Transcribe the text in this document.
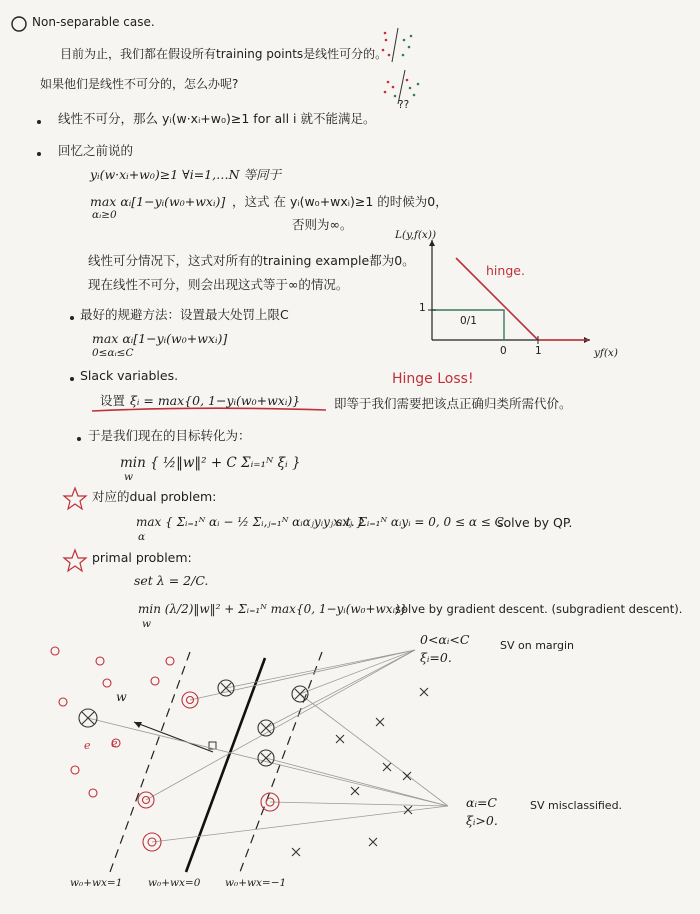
e e
Non-separable case.
目前为止，我们都在假设所有training points是线性可分的。
如果他们是线性不可分的，怎么办呢?
??
线性不可分，那么 yᵢ(w·xᵢ+w₀)≥1 for all i 就不能满足。
回忆之前说的
yᵢ(w·xᵢ+w₀)≥1 ∀i=1,…N 等同于
max αᵢ[1−yᵢ(w₀+wxᵢ)]
αᵢ≥0
，这式 在 yᵢ(w₀+wxᵢ)≥1 的时候为0，
否则为∞。
线性可分情况下，这式对所有的training example都为0。
现在线性不可分，则会出现这式等于∞的情况。
L(y,f(x))
hinge.
1
0/1
0	1	yf(x)
Hinge Loss!
最好的规避方法：设置最大处罚上限C
max αᵢ[1−yᵢ(w₀+wxᵢ)]
0≤αᵢ≤C
Slack variables.
设置 ξᵢ = max{0, 1−yᵢ(w₀+wxᵢ)}	即等于我们需要把该点正确归类所需代价。
于是我们现在的目标转化为：
min { ½‖w‖² + C Σᵢ₌₁ᴺ ξᵢ }
w
对应的dual problem:
max { Σᵢ₌₁ᴺ αᵢ − ½ Σᵢ,ⱼ₌₁ᴺ αᵢαⱼyᵢyⱼxᵢxⱼ }
α
s.t. Σᵢ₌₁ᴺ αᵢyᵢ = 0, 0 ≤ α ≤ C.
solve by QP.
primal problem:
set λ = 2/C.
min (λ/2)‖w‖² + Σᵢ₌₁ᴺ max{0, 1−yᵢ(w₀+wxᵢ)}
w
solve by gradient descent. (subgradient descent).
w
w₀+wx=1 w₀+wx=0 w₀+wx=−1
0<αᵢ<C
ξᵢ=0.
SV on margin
αᵢ=C
ξᵢ>0.
SV misclassified.
